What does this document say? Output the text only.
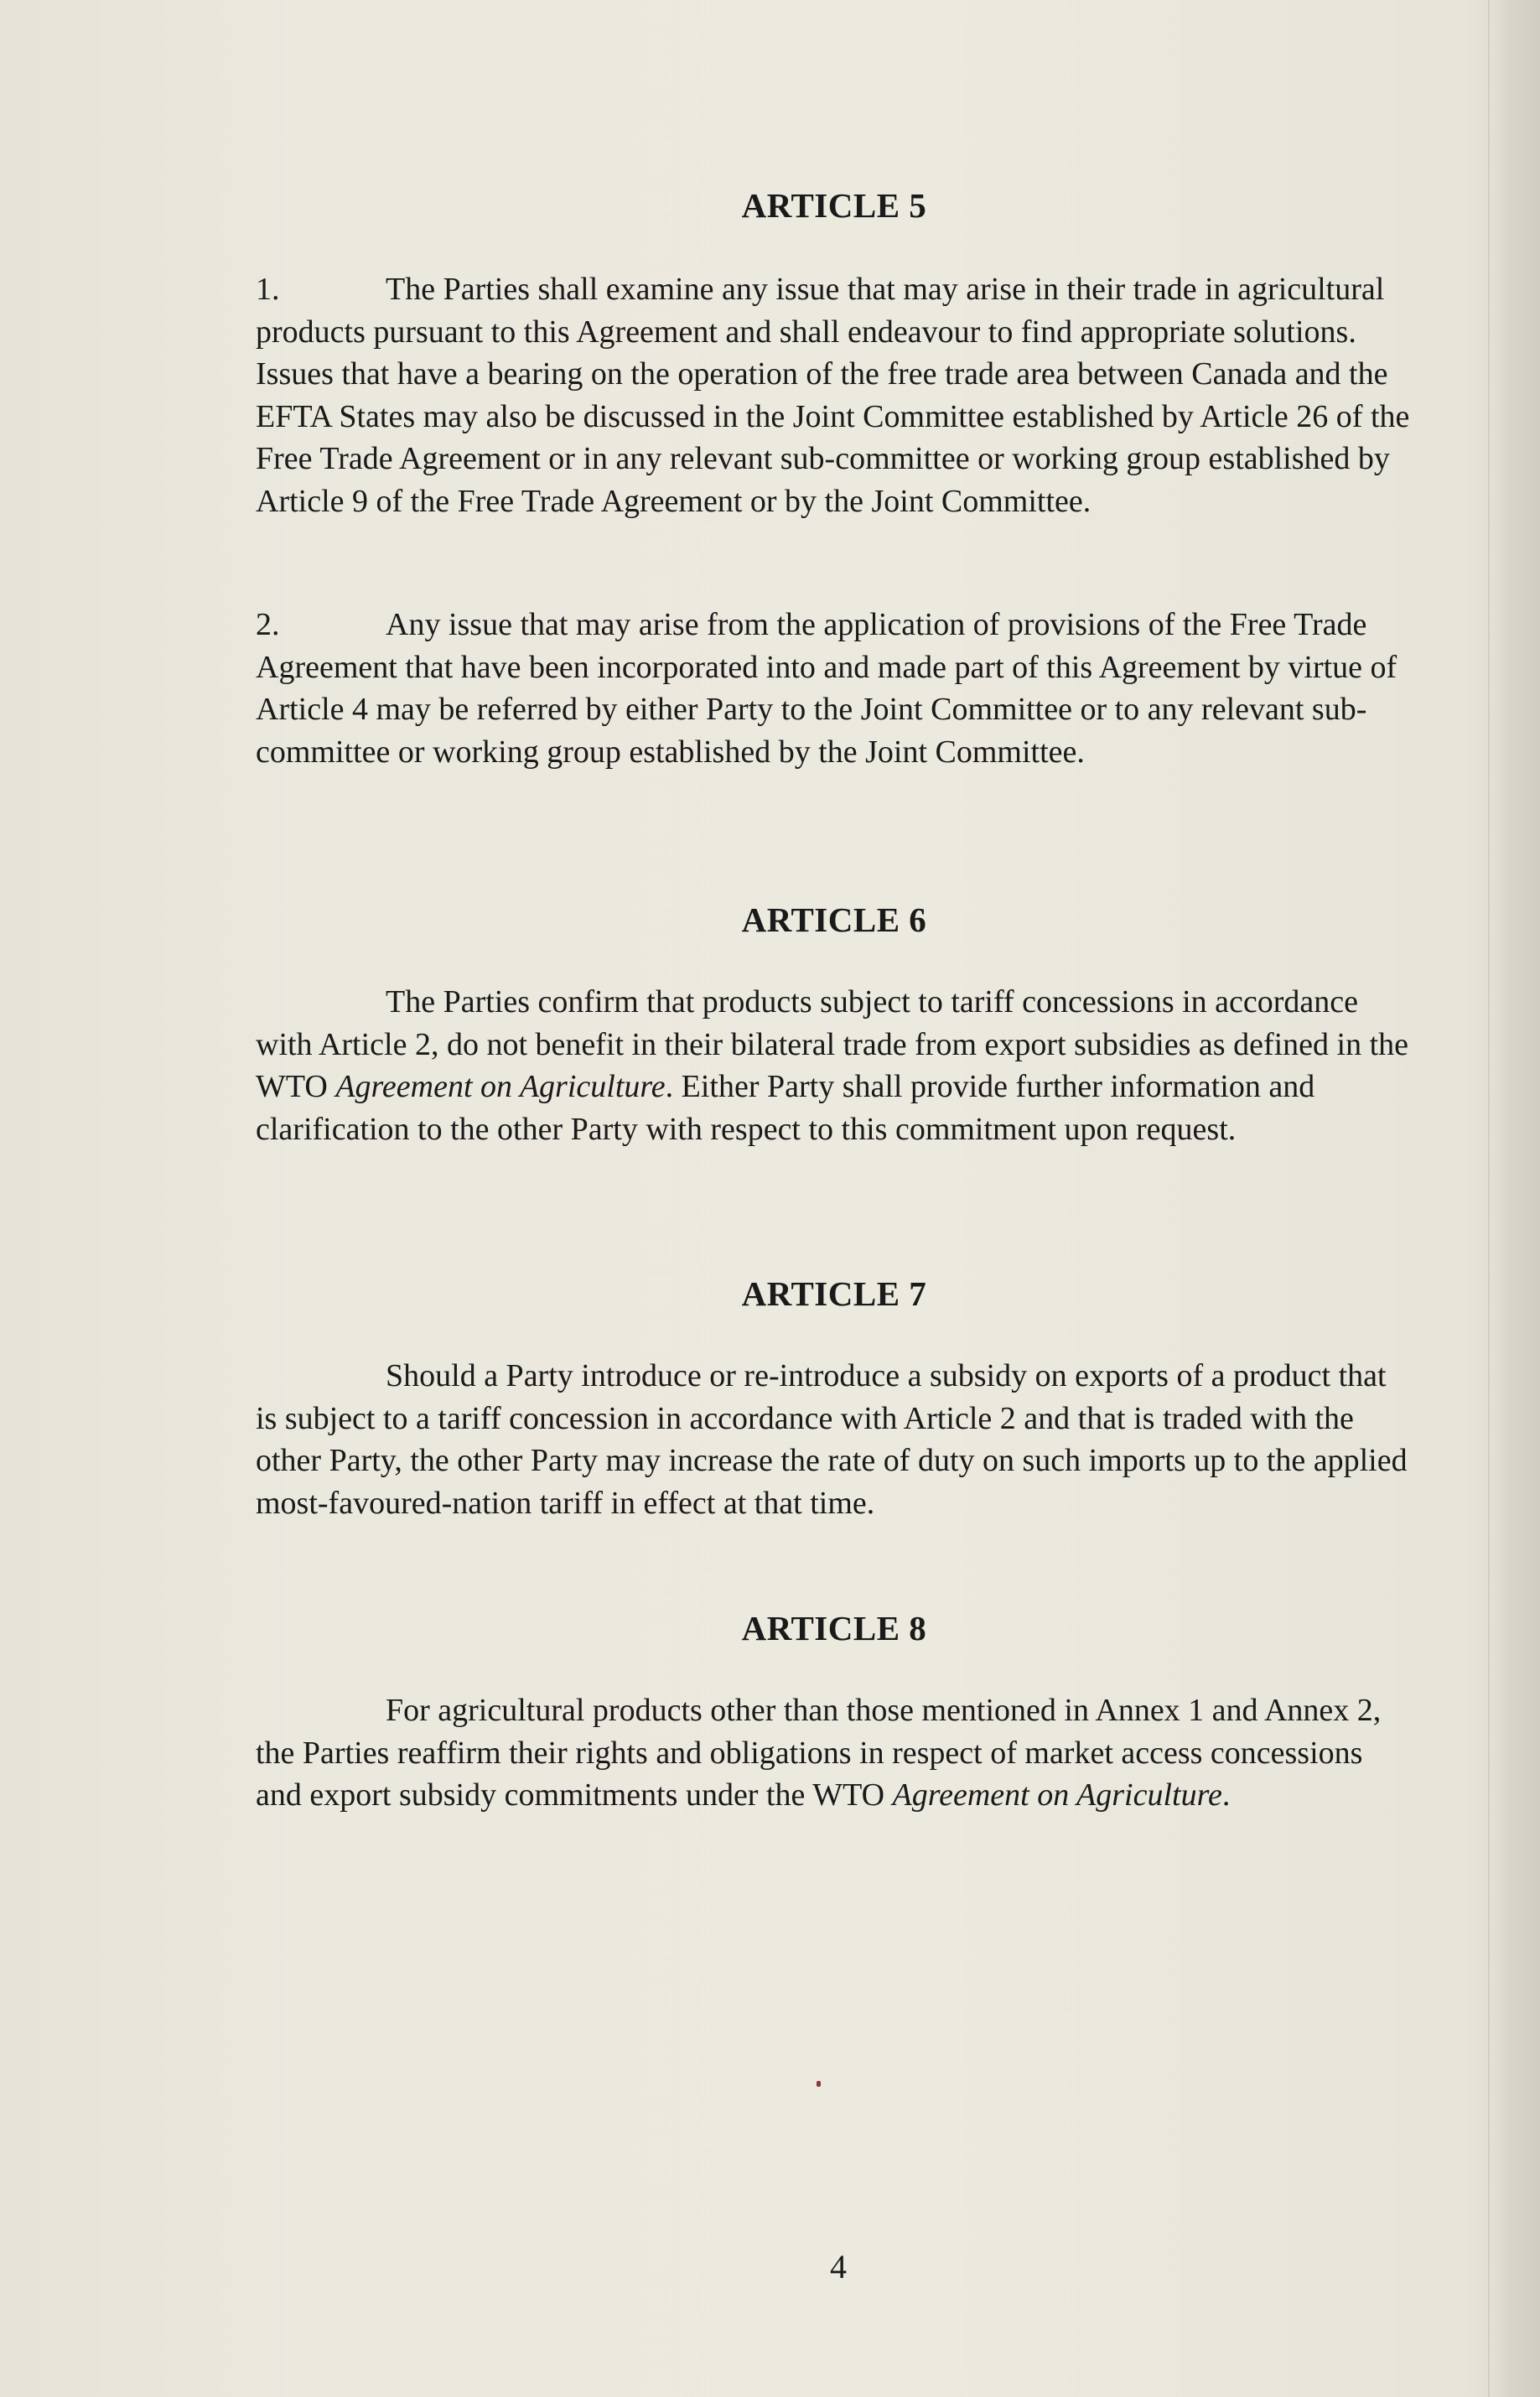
ARTICLE 5

1.	The Parties shall examine any issue that may arise in their trade in agricultural products pursuant to this Agreement and shall endeavour to find appropriate solutions. Issues that have a bearing on the operation of the free trade area between Canada and the EFTA States may also be discussed in the Joint Committee established by Article 26 of the Free Trade Agreement or in any relevant sub-committee or working group established by Article 9 of the Free Trade Agreement or by the Joint Committee.

2.	Any issue that may arise from the application of provisions of the Free Trade Agreement that have been incorporated into and made part of this Agreement by virtue of Article 4 may be referred by either Party to the Joint Committee or to any relevant sub-committee or working group established by the Joint Committee.

ARTICLE 6

The Parties confirm that products subject to tariff concessions in accordance with Article 2, do not benefit in their bilateral trade from export subsidies as defined in the WTO Agreement on Agriculture. Either Party shall provide further information and clarification to the other Party with respect to this commitment upon request.

ARTICLE 7

Should a Party introduce or re-introduce a subsidy on exports of a product that is subject to a tariff concession in accordance with Article 2 and that is traded with the other Party, the other Party may increase the rate of duty on such imports up to the applied most-favoured-nation tariff in effect at that time.

ARTICLE 8

For agricultural products other than those mentioned in Annex 1 and Annex 2, the Parties reaffirm their rights and obligations in respect of market access concessions and export subsidy commitments under the WTO Agreement on Agriculture.

4
